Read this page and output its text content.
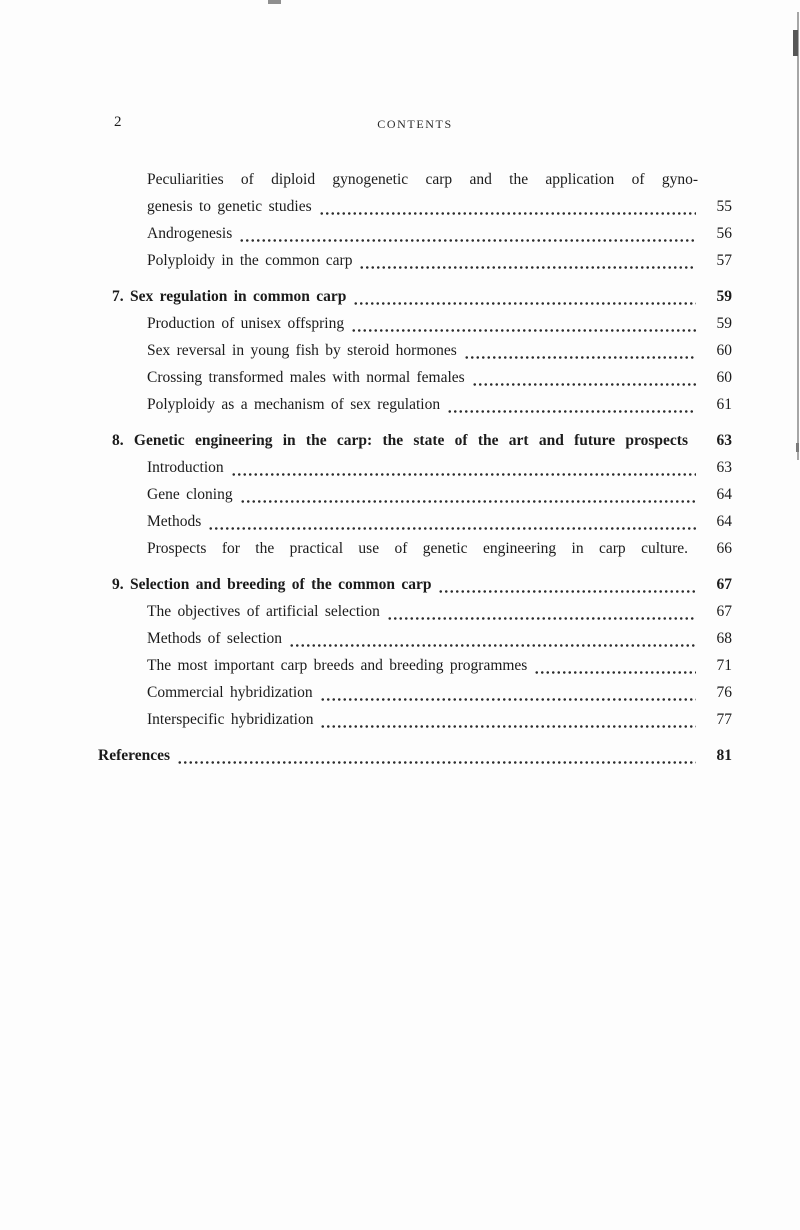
2	CONTENTS
Peculiarities of diploid gynogenetic carp and the application of gyno-
genesis to genetic studies	55
Androgenesis	56
Polyploidy in the common carp	57
7. Sex regulation in common carp	59
Production of unisex offspring	59
Sex reversal in young fish by steroid hormones	60
Crossing transformed males with normal females	60
Polyploidy as a mechanism of sex regulation	61
8. Genetic engineering in the carp: the state of the art and future prospects	63
Introduction	63
Gene cloning	64
Methods	64
Prospects for the practical use of genetic engineering in carp culture.	66
9. Selection and breeding of the common carp	67
The objectives of artificial selection	67
Methods of selection	68
The most important carp breeds and breeding programmes	71
Commercial hybridization	76
Interspecific hybridization	77
References	81
